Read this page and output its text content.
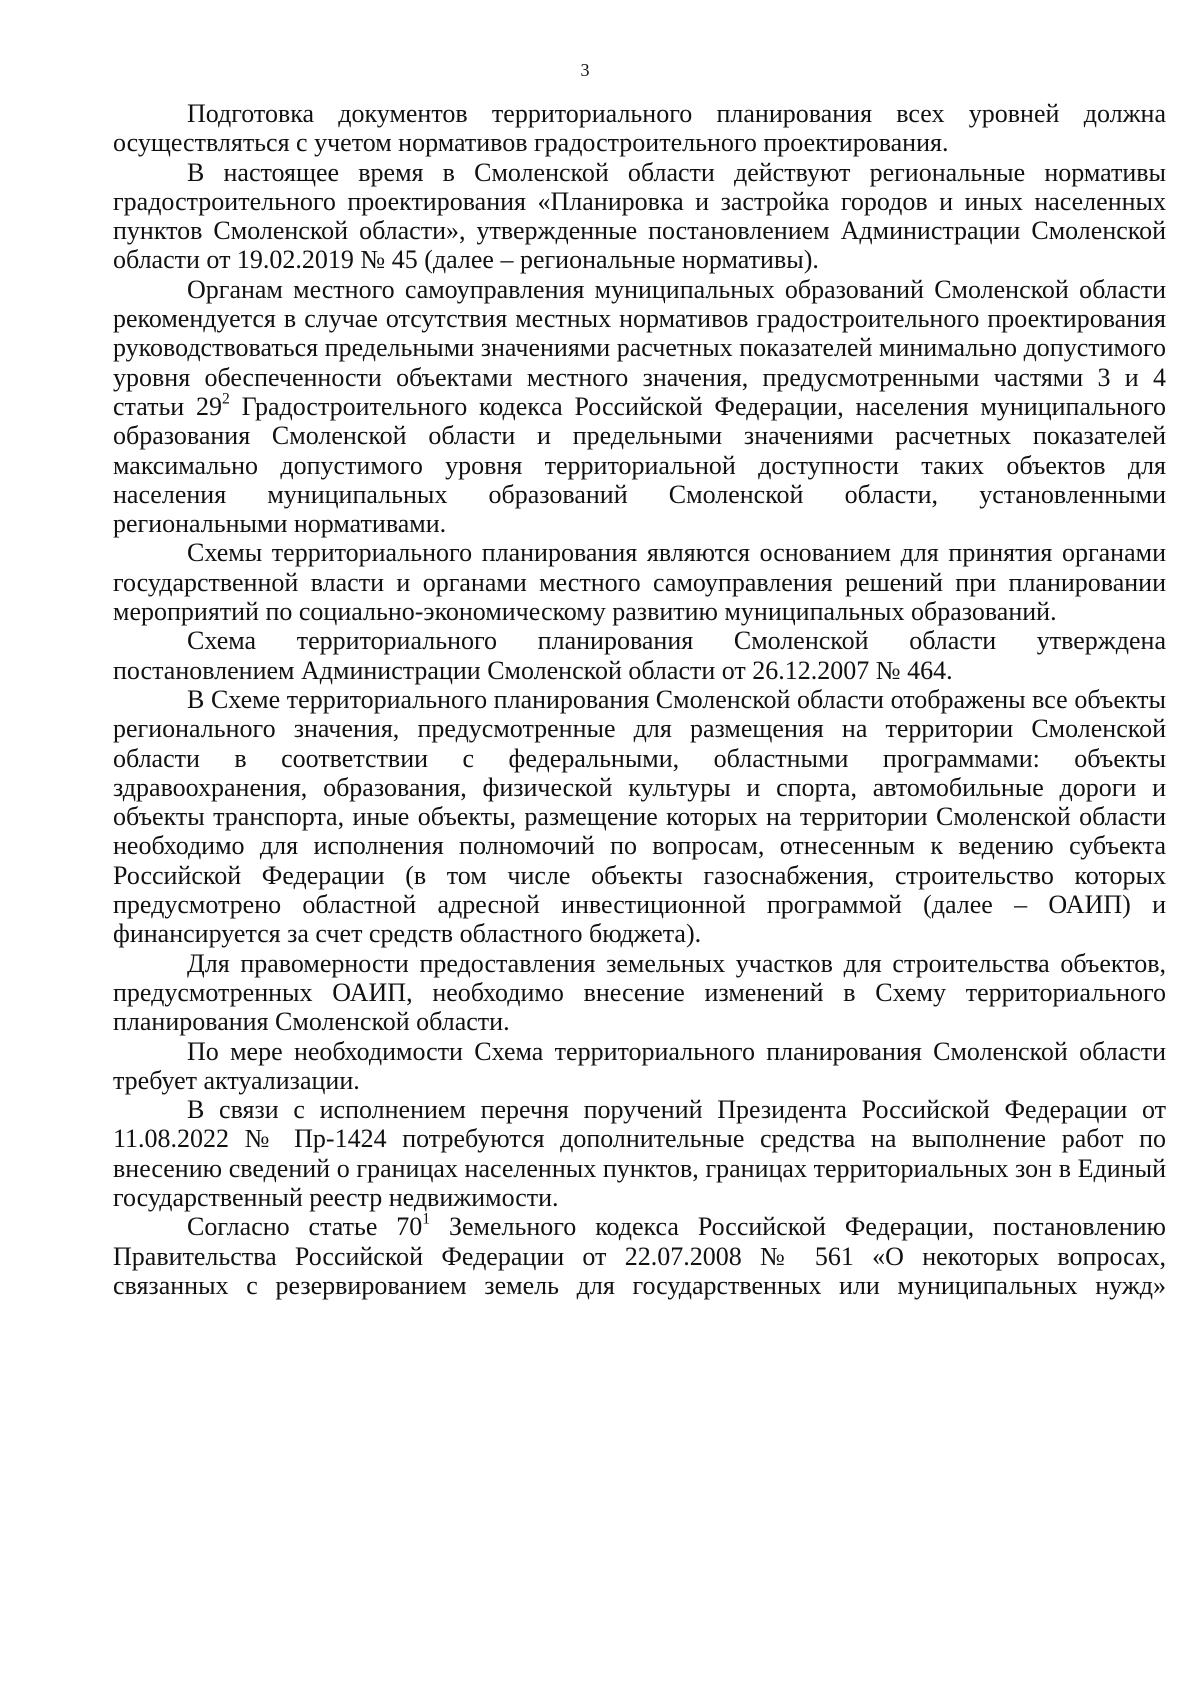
3

Подготовка документов территориального планирования всех уровней должна осуществляться с учетом нормативов градостроительного проектирования.

В настоящее время в Смоленской области действуют региональные нормативы градостроительного проектирования «Планировка и застройка городов и иных населенных пунктов Смоленской области», утвержденные постановлением Администрации Смоленской области от 19.02.2019 № 45 (далее – региональные нормативы).

Органам местного самоуправления муниципальных образований Смоленской области рекомендуется в случае отсутствия местных нормативов градостроительного проектирования руководствоваться предельными значениями расчетных показателей минимально допустимого уровня обеспеченности объектами местного значения, предусмотренными частями 3 и 4 статьи $29^2$ Градостроительного кодекса Российской Федерации, населения муниципального образования Смоленской области и предельными значениями расчетных показателей максимально допустимого уровня территориальной доступности таких объектов для населения муниципальных образований Смоленской области, установленными региональными нормативами.

Схемы территориального планирования являются основанием для принятия органами государственной власти и органами местного самоуправления решений при планировании мероприятий по социально-экономическому развитию муниципальных образований.

Схема территориального планирования Смоленской области утверждена постановлением Администрации Смоленской области от 26.12.2007 № 464.

В Схеме территориального планирования Смоленской области отображены все объекты регионального значения, предусмотренные для размещения на территории Смоленской области в соответствии с федеральными, областными программами: объекты здравоохранения, образования, физической культуры и спорта, автомобильные дороги и объекты транспорта, иные объекты, размещение которых на территории Смоленской области необходимо для исполнения полномочий по вопросам, отнесенным к ведению субъекта Российской Федерации (в том числе объекты газоснабжения, строительство которых предусмотрено областной адресной инвестиционной программой (далее – ОАИП) и финансируется за счет средств областного бюджета).

Для правомерности предоставления земельных участков для строительства объектов, предусмотренных ОАИП, необходимо внесение изменений в Схему территориального планирования Смоленской области.

По мере необходимости Схема территориального планирования Смоленской области требует актуализации.

В связи с исполнением перечня поручений Президента Российской Федерации от 11.08.2022 № Пр-1424 потребуются дополнительные средства на выполнение работ по внесению сведений о границах населенных пунктов, границах территориальных зон в Единый государственный реестр недвижимости.

Согласно статье $70^1$ Земельного кодекса Российской Федерации, постановлению Правительства Российской Федерации от 22.07.2008 № 561 «О некоторых вопросах, связанных с резервированием земель для государственных или муниципальных нужд»
